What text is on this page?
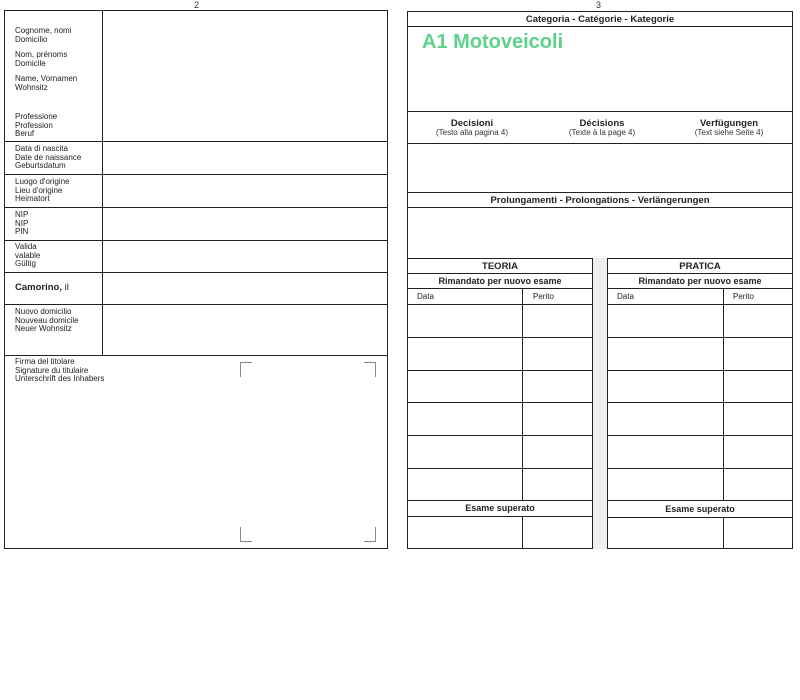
2
Cognome, nomi
Domicilio
Nom, prénoms
Domicile
Name, Vornamen
Wohnsitz
Professione
Profession
Beruf
Data di nascita
Date de naissance
Geburtsdatum
Luogo d'origine
Lieu d'origine
Heimatort
NIP
NIP
PIN
Valida
valable
Gültig
Camorino, il
Nuovo domicilio
Nouveau domicile
Neuer Wohnsitz
Firma del titolare
Signature du titulaire
Unterschrift des Inhabers
3
Categoria - Catégorie - Kategorie
A1 Motoveicoli
Decisioni
(Testo alla pagina 4)
Décisions
(Texte à la page 4)
Verfügungen
(Text siehe Seite 4)
Prolungamenti - Prolongations - Verlängerungen
TEORIA
Rimandato per nuovo esame
Data	Perito
Esame superato
PRATICA
Rimandato per nuovo esame
Data	Perito
Esame superato
